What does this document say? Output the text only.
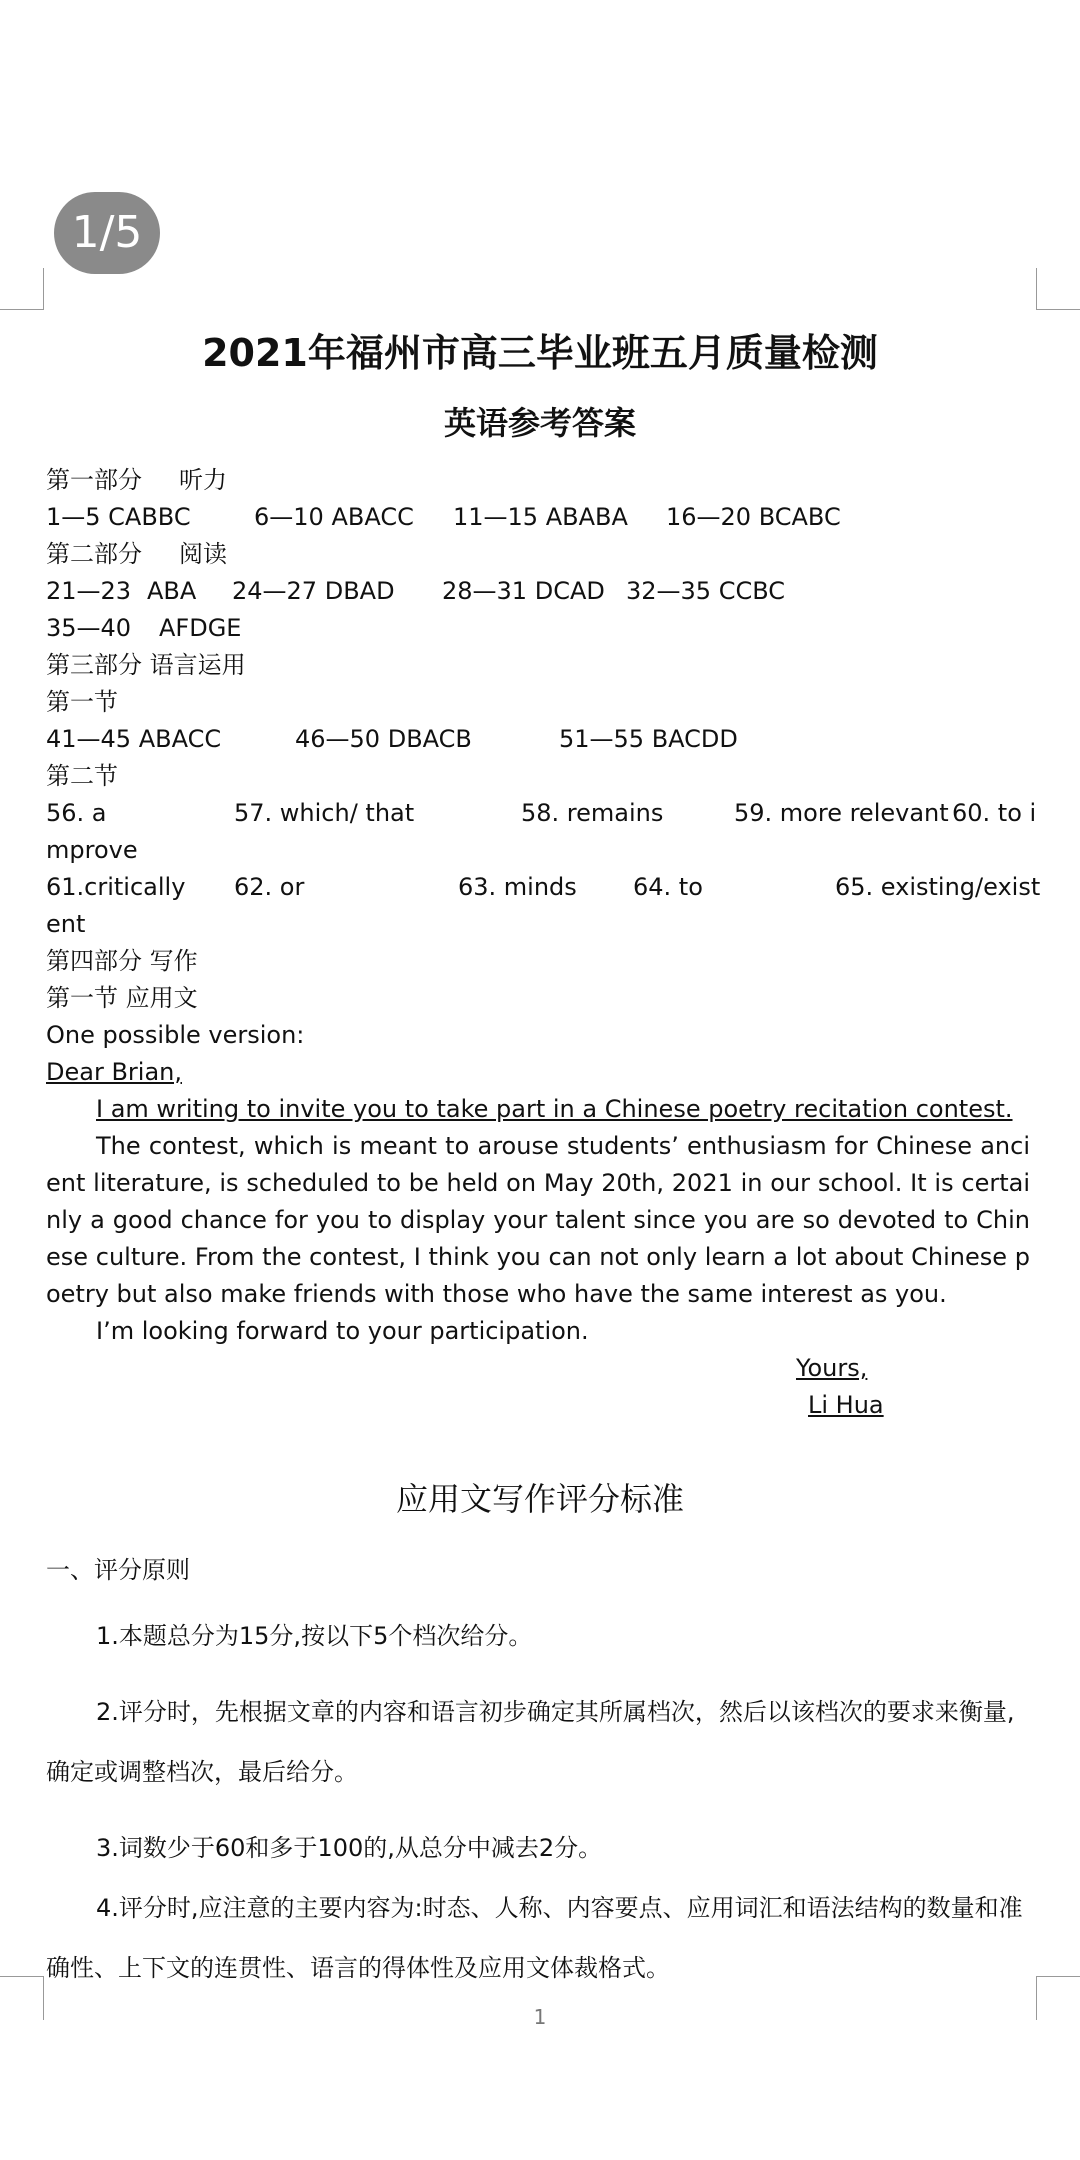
1/5
2021年福州市高三毕业班五月质量检测
英语参考答案
第一部分 听力
1—5 CABBC	6—10 ABACC 11—15 ABABA 16—20 BCABC
第二部分 阅读
21—23 ABA 24—27 DBAD 28—31 DCAD 32—35 CCBC
35—40 AFDGE
第三部分 语言运用
第一节
41—45 ABACC	46—50 DBACB	51—55 BACDD
第二节
56. a	57. which/ that	58. remains	59. more relevant 60. to i
mprove
61.critically 62. or	63. minds 64. to	65. existing/exist
ent
第四部分 写作
第一节 应用文
One possible version:
Dear Brian,
I am writing to invite you to take part in a Chinese poetry recitation contest.
The contest, which is meant to arouse students’ enthusiasm for Chinese ancient literature, is scheduled to be held on May 20th, 2021 in our school. It is certainly a good chance for you to display your talent since you are so devoted to Chinese culture. From the contest, I think you can not only learn a lot about Chinese poetry but also make friends with those who have the same interest as you.
I’m looking forward to your participation.
Yours,
Li Hua
应用文写作评分标准
一、评分原则
1.本题总分为15分,按以下5个档次给分。
2.评分时，先根据文章的内容和语言初步确定其所属档次，然后以该档次的要求来衡量,确定或调整档次，最后给分。
3.词数少于60和多于100的,从总分中减去2分。
4.评分时,应注意的主要内容为:时态、人称、内容要点、应用词汇和语法结构的数量和准确性、上下文的连贯性、语言的得体性及应用文体裁格式。
1
